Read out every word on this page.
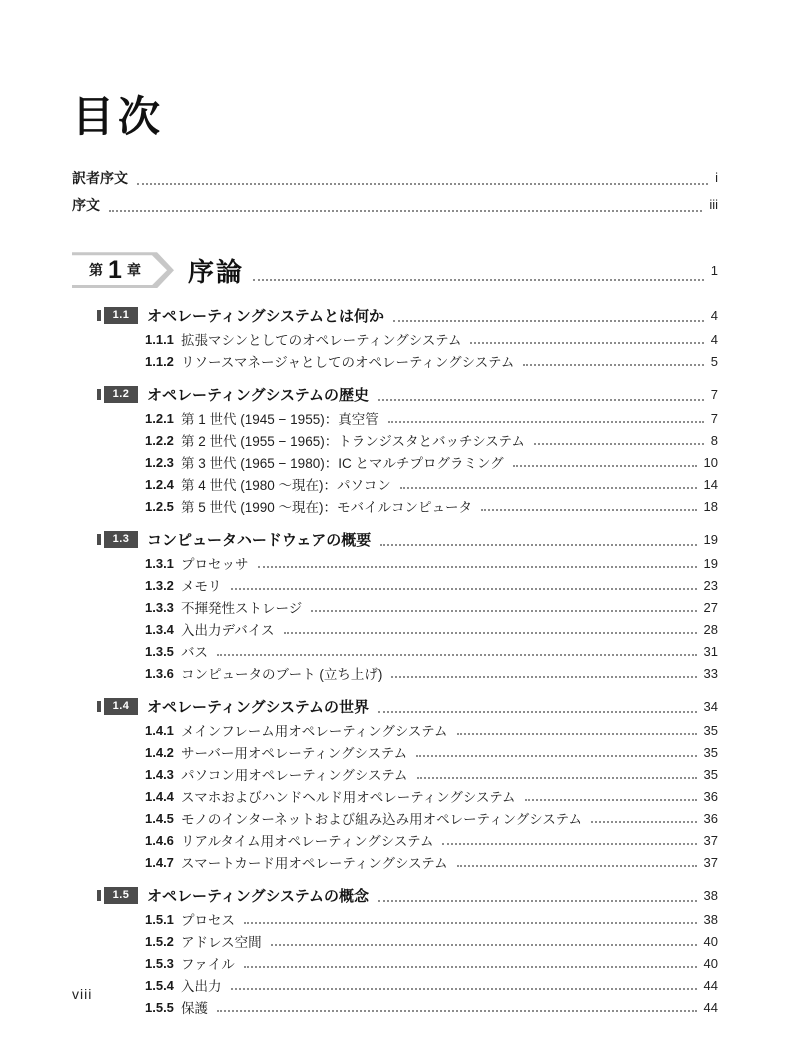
目次
訳者序文	i
序文	iii
第 1 章 序論	1
1.1	オペレーティングシステムとは何か	4
1.1.1 拡張マシンとしてのオペレーティングシステム	4
1.1.2 リソースマネージャとしてのオペレーティングシステム	5
1.2	オペレーティングシステムの歴史	7
1.2.1 第 1 世代 (1945 − 1955)：真空管	7
1.2.2 第 2 世代 (1955 − 1965)：トランジスタとバッチシステム	8
1.2.3 第 3 世代 (1965 − 1980)：IC とマルチプログラミング	10
1.2.4 第 4 世代 (1980 〜現在)：パソコン	14
1.2.5 第 5 世代 (1990 〜現在)：モバイルコンピュータ	18
1.3	コンピュータハードウェアの概要	19
1.3.1 プロセッサ	19
1.3.2 メモリ	23
1.3.3 不揮発性ストレージ	27
1.3.4 入出力デバイス	28
1.3.5 バス	31
1.3.6 コンピュータのブート (立ち上げ)	33
1.4	オペレーティングシステムの世界	34
1.4.1 メインフレーム用オペレーティングシステム	35
1.4.2 サーバー用オペレーティングシステム	35
1.4.3 パソコン用オペレーティングシステム	35
1.4.4 スマホおよびハンドヘルド用オペレーティングシステム	36
1.4.5 モノのインターネットおよび組み込み用オペレーティングシステム	36
1.4.6 リアルタイム用オペレーティングシステム	37
1.4.7 スマートカード用オペレーティングシステム	37
1.5	オペレーティングシステムの概念	38
1.5.1 プロセス	38
1.5.2 アドレス空間	40
1.5.3 ファイル	40
1.5.4 入出力	44
1.5.5 保護	44
viii
